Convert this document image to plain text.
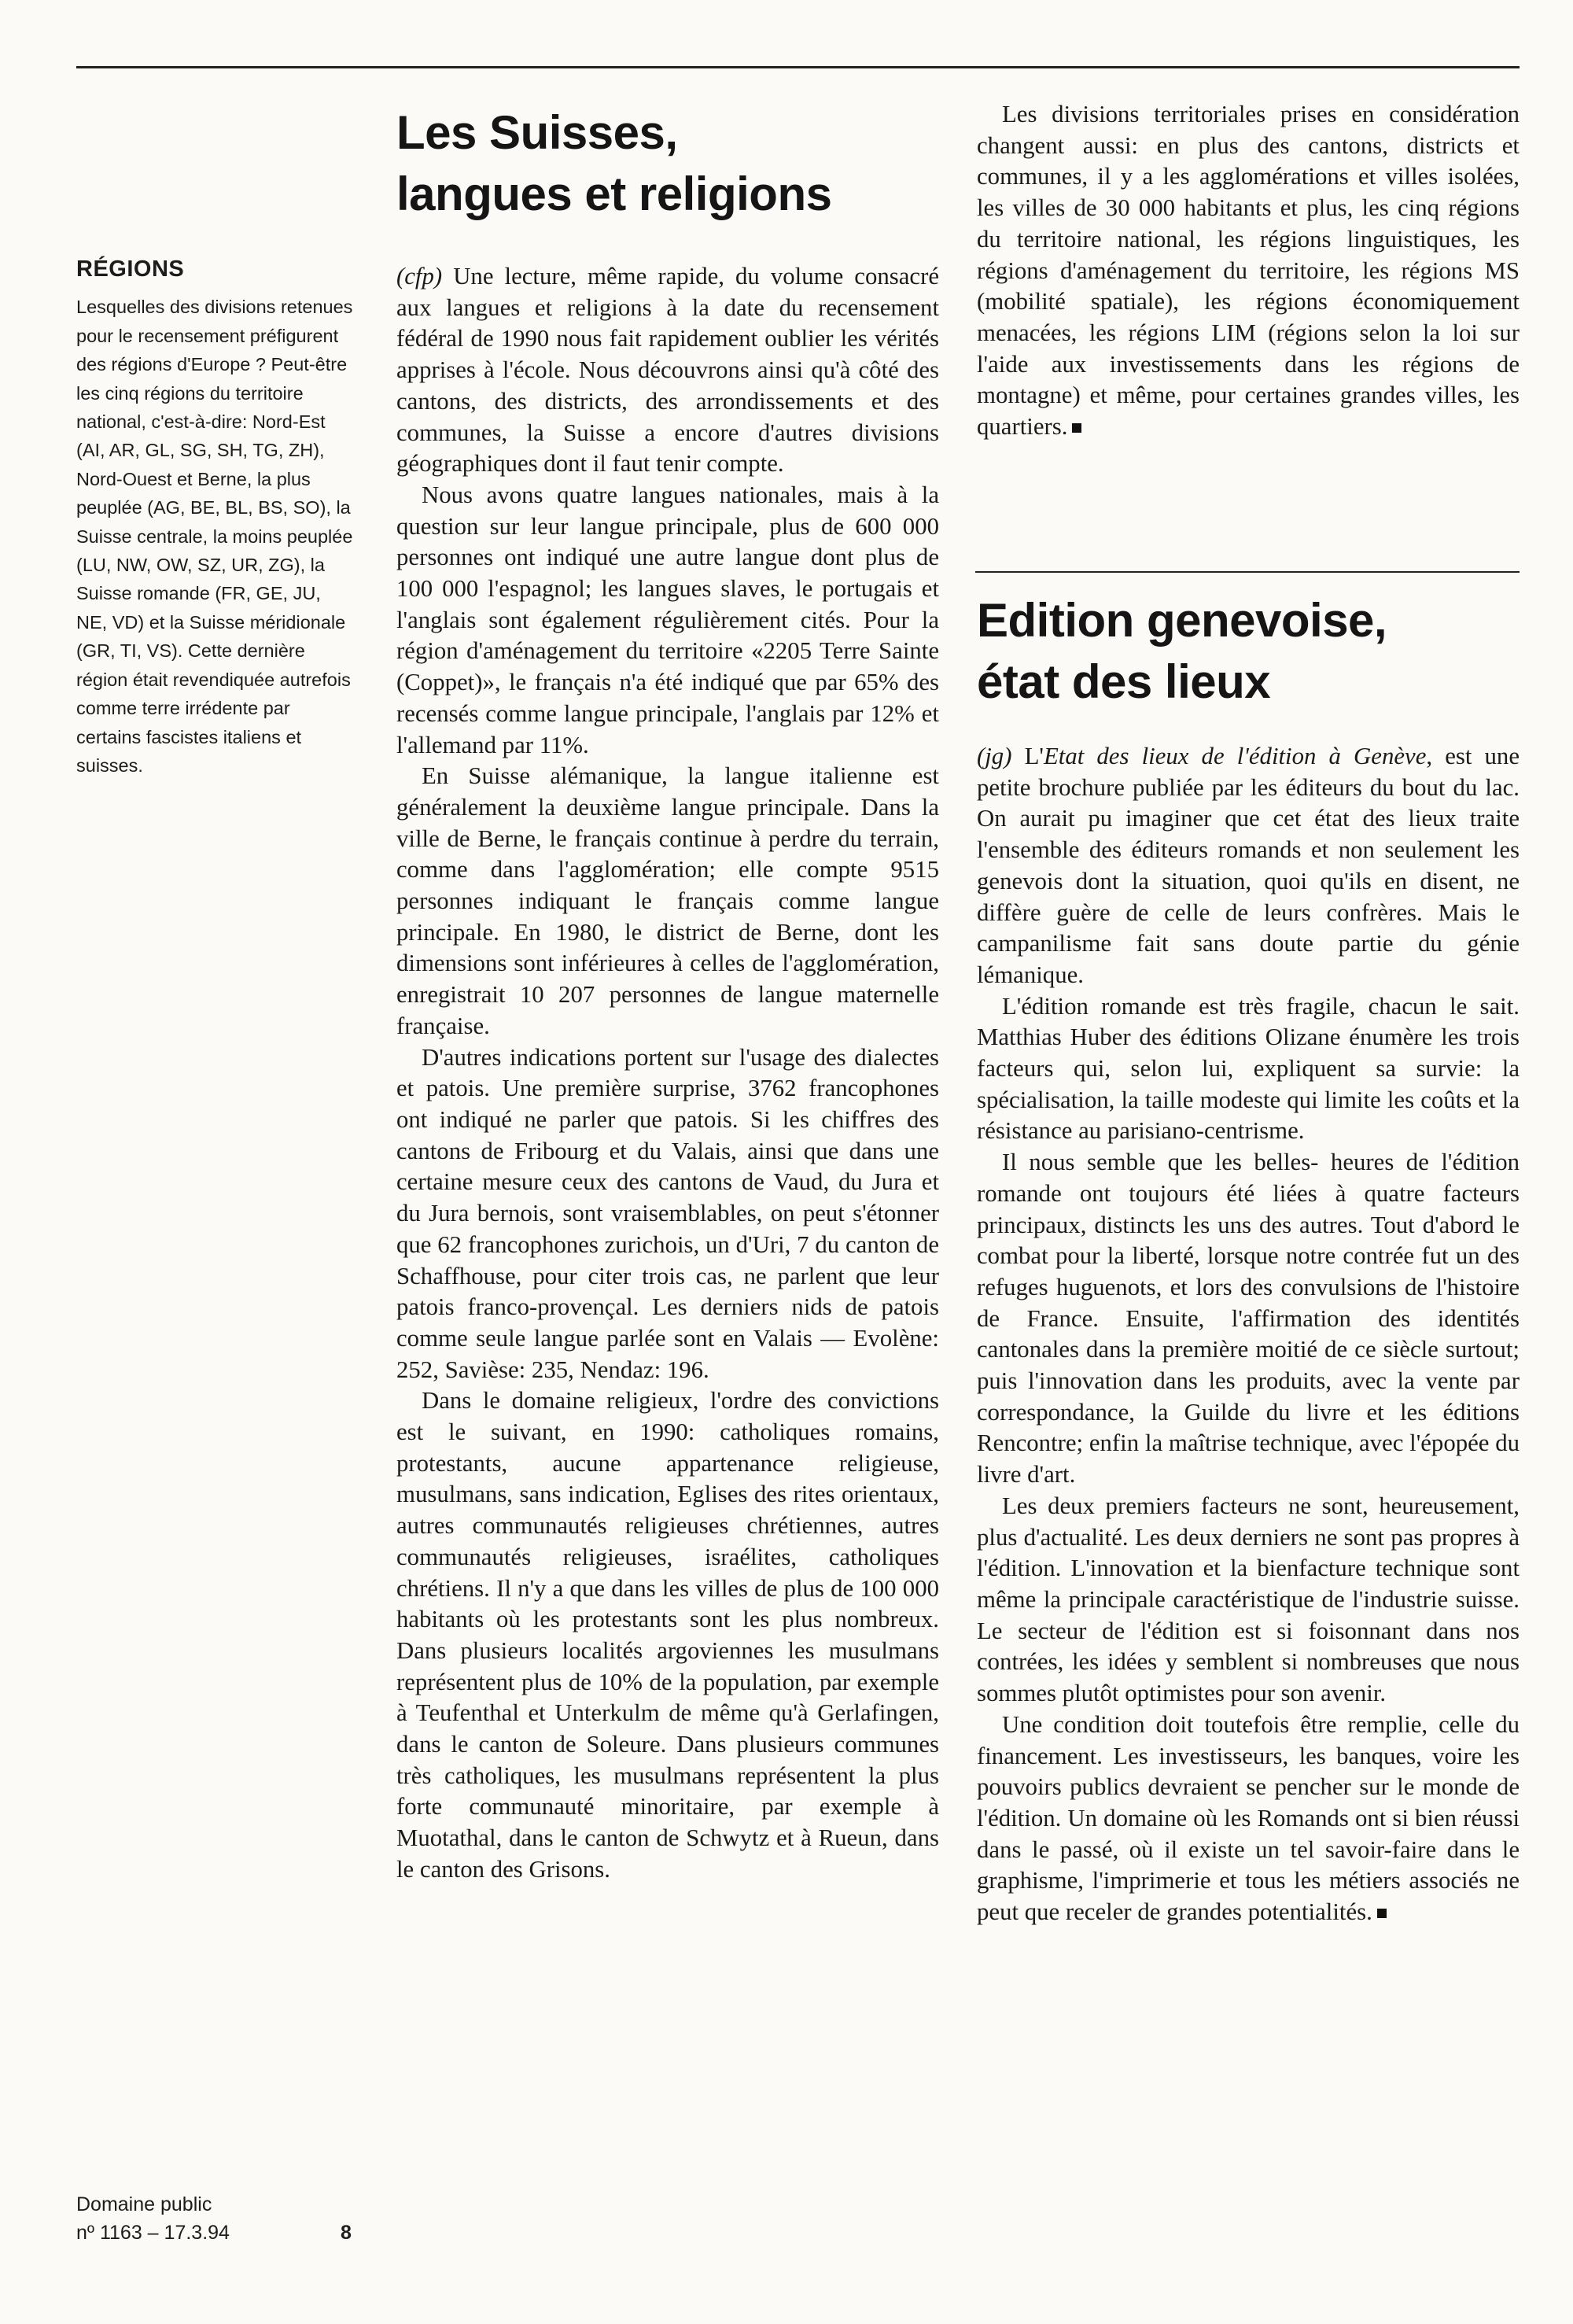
RÉGIONS

Lesquelles des divisions retenues pour le recensement préfigurent des régions d'Europe ? Peut-être les cinq régions du territoire national, c'est-à-dire: Nord-Est (AI, AR, GL, SG, SH, TG, ZH), Nord-Ouest et Berne, la plus peuplée (AG, BE, BL, BS, SO), la Suisse centrale, la moins peuplée (LU, NW, OW, SZ, UR, ZG), la Suisse romande (FR, GE, JU, NE, VD) et la Suisse méridionale (GR, TI, VS). Cette dernière région était revendiquée autrefois comme terre irrédente par certains fascistes italiens et suisses.

Domaine public
nº 1163 – 17.3.94	8
Les Suisses,
langues et religions

(cfp) Une lecture, même rapide, du volume consacré aux langues et religions à la date du recensement fédéral de 1990 nous fait rapidement oublier les vérités apprises à l'école. Nous découvrons ainsi qu'à côté des cantons, des districts, des arrondissements et des communes, la Suisse a encore d'autres divisions géographiques dont il faut tenir compte.

Nous avons quatre langues nationales, mais à la question sur leur langue principale, plus de 600 000 personnes ont indiqué une autre langue dont plus de 100 000 l'espagnol; les langues slaves, le portugais et l'anglais sont également régulièrement cités. Pour la région d'aménagement du territoire «2205 Terre Sainte (Coppet)», le français n'a été indiqué que par 65% des recensés comme langue principale, l'anglais par 12% et l'allemand par 11%.

En Suisse alémanique, la langue italienne est généralement la deuxième langue principale. Dans la ville de Berne, le français continue à perdre du terrain, comme dans l'agglomération; elle compte 9515 personnes indiquant le français comme langue principale. En 1980, le district de Berne, dont les dimensions sont inférieures à celles de l'agglomération, enregistrait 10 207 personnes de langue maternelle française.

D'autres indications portent sur l'usage des dialectes et patois. Une première surprise, 3762 francophones ont indiqué ne parler que patois. Si les chiffres des cantons de Fribourg et du Valais, ainsi que dans une certaine mesure ceux des cantons de Vaud, du Jura et du Jura bernois, sont vraisemblables, on peut s'étonner que 62 francophones zurichois, un d'Uri, 7 du canton de Schaffhouse, pour citer trois cas, ne parlent que leur patois franco-provençal. Les derniers nids de patois comme seule langue parlée sont en Valais — Evolène: 252, Savièse: 235, Nendaz: 196.

Dans le domaine religieux, l'ordre des convictions est le suivant, en 1990: catholiques romains, protestants, aucune appartenance religieuse, musulmans, sans indication, Eglises des rites orientaux, autres communautés religieuses chrétiennes, autres communautés religieuses, israélites, catholiques chrétiens. Il n'y a que dans les villes de plus de 100 000 habitants où les protestants sont les plus nombreux. Dans plusieurs localités argoviennes les musulmans représentent plus de 10% de la population, par exemple à Teufenthal et Unterkulm de même qu'à Gerlafingen, dans le canton de Soleure. Dans plusieurs communes très catholiques, les musulmans représentent la plus forte communauté minoritaire, par exemple à Muotathal, dans le canton de Schwytz et à Rueun, dans le canton des Grisons.

Les divisions territoriales prises en considération changent aussi: en plus des cantons, districts et communes, il y a les agglomérations et villes isolées, les villes de 30 000 habitants et plus, les cinq régions du territoire national, les régions linguistiques, les régions d'aménagement du territoire, les régions MS (mobilité spatiale), les régions économiquement menacées, les régions LIM (régions selon la loi sur l'aide aux investissements dans les régions de montagne) et même, pour certaines grandes villes, les quartiers.

Edition genevoise,
état des lieux

(jg) L'Etat des lieux de l'édition à Genève, est une petite brochure publiée par les éditeurs du bout du lac. On aurait pu imaginer que cet état des lieux traite l'ensemble des éditeurs romands et non seulement les genevois dont la situation, quoi qu'ils en disent, ne diffère guère de celle de leurs confrères. Mais le campanilisme fait sans doute partie du génie lémanique.

L'édition romande est très fragile, chacun le sait. Matthias Huber des éditions Olizane énumère les trois facteurs qui, selon lui, expliquent sa survie: la spécialisation, la taille modeste qui limite les coûts et la résistance au parisiano-centrisme.

Il nous semble que les belles- heures de l'édition romande ont toujours été liées à quatre facteurs principaux, distincts les uns des autres. Tout d'abord le combat pour la liberté, lorsque notre contrée fut un des refuges huguenots, et lors des convulsions de l'histoire de France. Ensuite, l'affirmation des identités cantonales dans la première moitié de ce siècle surtout; puis l'innovation dans les produits, avec la vente par correspondance, la Guilde du livre et les éditions Rencontre; enfin la maîtrise technique, avec l'épopée du livre d'art.

Les deux premiers facteurs ne sont, heureusement, plus d'actualité. Les deux derniers ne sont pas propres à l'édition. L'innovation et la bienfacture technique sont même la principale caractéristique de l'industrie suisse. Le secteur de l'édition est si foisonnant dans nos contrées, les idées y semblent si nombreuses que nous sommes plutôt optimistes pour son avenir.

Une condition doit toutefois être remplie, celle du financement. Les investisseurs, les banques, voire les pouvoirs publics devraient se pencher sur le monde de l'édition. Un domaine où les Romands ont si bien réussi dans le passé, où il existe un tel savoir-faire dans le graphisme, l'imprimerie et tous les métiers associés ne peut que receler de grandes potentialités.
